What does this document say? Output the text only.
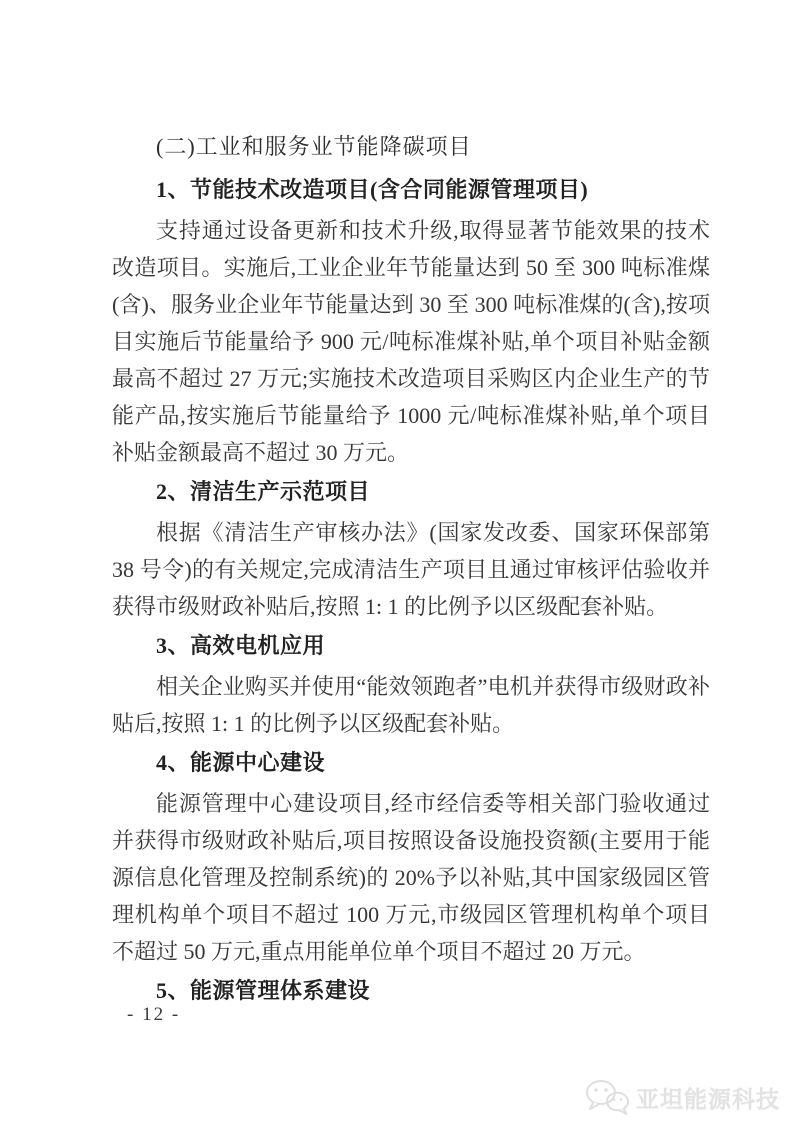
(二)工业和服务业节能降碳项目
1、节能技术改造项目(含合同能源管理项目)

支持通过设备更新和技术升级,取得显著节能效果的技术改造项目。实施后,工业企业年节能量达到 50 至 300 吨标准煤(含)、服务业企业年节能量达到 30 至 300 吨标准煤的(含),按项目实施后节能量给予 900 元/吨标准煤补贴,单个项目补贴金额最高不超过 27 万元;实施技术改造项目采购区内企业生产的节能产品,按实施后节能量给予 1000 元/吨标准煤补贴,单个项目补贴金额最高不超过 30 万元。

2、清洁生产示范项目

根据《清洁生产审核办法》(国家发改委、国家环保部第 38 号令)的有关规定,完成清洁生产项目且通过审核评估验收并获得市级财政补贴后,按照 1: 1 的比例予以区级配套补贴。

3、高效电机应用

相关企业购买并使用“能效领跑者”电机并获得市级财政补贴后,按照 1: 1 的比例予以区级配套补贴。

4、能源中心建设

能源管理中心建设项目,经市经信委等相关部门验收通过并获得市级财政补贴后,项目按照设备设施投资额(主要用于能源信息化管理及控制系统)的 20%予以补贴,其中国家级园区管理机构单个项目不超过 100 万元,市级园区管理机构单个项目不超过 50 万元,重点用能单位单个项目不超过 20 万元。

5、能源管理体系建设
- 12 -
亚坦能源科技
